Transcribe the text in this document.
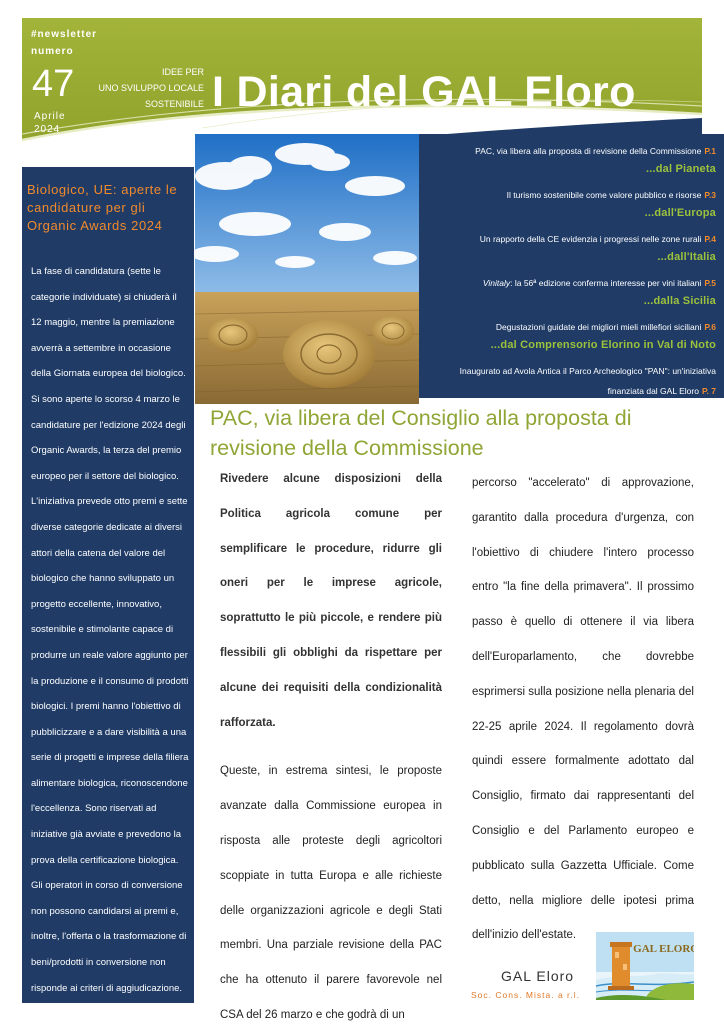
#newsletter
numero
47
Aprile
2024
IDEE PER
UNO SVILUPPO LOCALE
SOSTENIBILE I Diari del GAL Eloro
PAC, via libera alla proposta di revisione della Commissione P.1
...dal Pianeta
Il turismo sostenibile come valore pubblico e risorse P.3
...dall'Europa
Un rapporto della CE evidenzia i progressi nelle zone rurali P.4
...dall'Italia
Vinitaly: la 56ª edizione conferma interesse per vini italiani P.5
...dalla Sicilia
Degustazioni guidate dei migliori mieli millefiori siciliani P.6
...dal Comprensorio Elorino in Val di Noto
Inaugurato ad Avola Antica il Parco Archeologico "PAN": un'iniziativa
finanziata dal GAL Eloro P. 7
Biologico, UE: aperte le candidature per gli Organic Awards 2024
La fase di candidatura (sette le categorie individuate) si chiuderà il 12 maggio, mentre la premiazione avverrà a settembre in occasione della Giornata europea del biologico. Si sono aperte lo scorso 4 marzo le candidature per l'edizione 2024 degli Organic Awards, la terza del premio europeo per il settore del biologico. L'iniziativa prevede otto premi e sette diverse categorie dedicate ai diversi attori della catena del valore del biologico che hanno sviluppato un progetto eccellente, innovativo, sostenibile e stimolante capace di produrre un reale valore aggiunto per la produzione e il consumo di prodotti biologici. I premi hanno l'obiettivo di pubblicizzare e a dare visibilità a una serie di progetti e imprese della filiera alimentare biologica, riconoscendone l'eccellenza. Sono riservati ad iniziative già avviate e prevedono la prova della certificazione biologica. Gli operatori in corso di conversione non possono candidarsi ai premi e, inoltre, l'offerta o la trasformazione di beni/prodotti in conversione non risponde ai criteri di aggiudicazione.
PAC, via libera del Consiglio alla proposta di revisione della Commissione

Rivedere alcune disposizioni della Politica agricola comune per semplificare le procedure, ridurre gli oneri per le imprese agricole, soprattutto le più piccole, e rendere più flessibili gli obblighi da rispettare per alcune dei requisiti della condizionalità rafforzata.

Queste, in estrema sintesi, le proposte avanzate dalla Commissione europea in risposta alle proteste degli agricoltori scoppiate in tutta Europa e alle richieste delle organizzazioni agricole e degli Stati membri. Una parziale revisione della PAC che ha ottenuto il parere favorevole nel CSA del 26 marzo e che godrà di un

percorso "accelerato" di approvazione, garantito dalla procedura d'urgenza, con l'obiettivo di chiudere l'intero processo entro "la fine della primavera". Il prossimo passo è quello di ottenere il via libera dell'Europarlamento, che dovrebbe esprimersi sulla posizione nella plenaria del 22-25 aprile 2024. Il regolamento dovrà quindi essere formalmente adottato dal Consiglio, firmato dai rappresentanti del Consiglio e del Parlamento europeo e pubblicato sulla Gazzetta Ufficiale. Come detto, nella migliore delle ipotesi prima dell'inizio dell'estate.

GAL ELORO
GAL Eloro
Soc. Cons. Mista. a r.l.
